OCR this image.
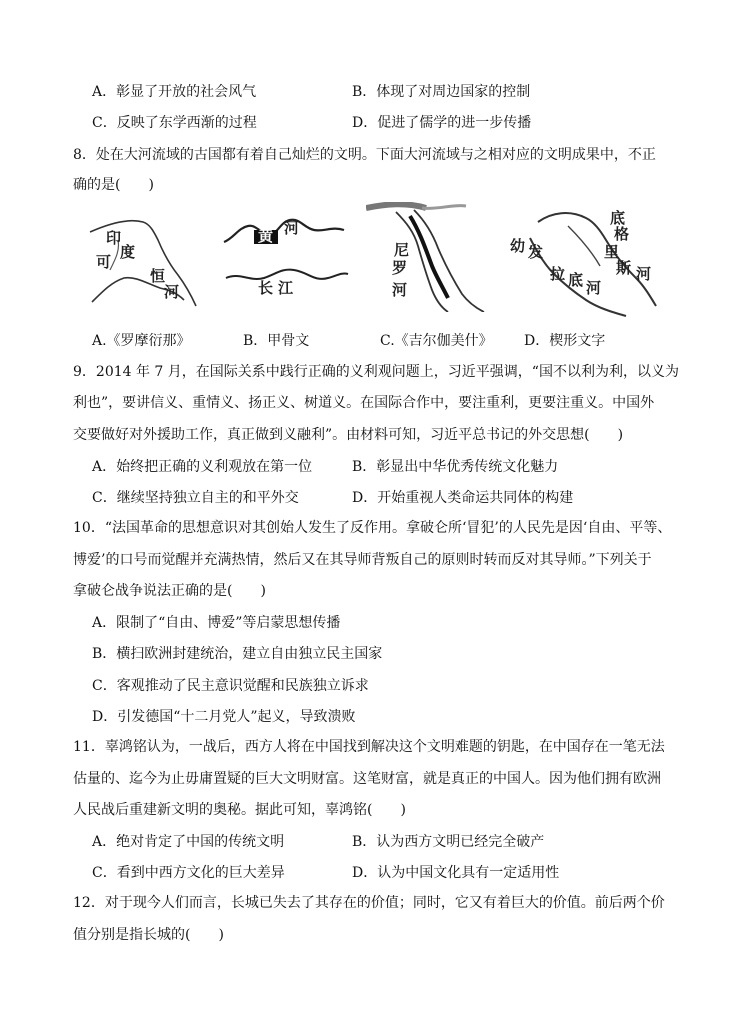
A．彰显了开放的社会风气	B．体现了对周边国家的控制
C．反映了东学西渐的过程	D．促进了儒学的进一步传播
8．处在大河流域的古国都有着自己灿烂的文明。下面大河流域与之相对应的文明成果中，不正
确的是(　　)
印
度
可
恒
河
黄 河
长 江
尼
罗
河
底
格
里
斯 河
幼 发
拉 底 河
A.《罗摩衍那》	B．甲骨文	C.《吉尔伽美什》 D．楔形文字
9．2014 年 7 月，在国际关系中践行正确的义利观问题上，习近平强调，“国不以利为利，以义为
利也”，要讲信义、重情义、扬正义、树道义。在国际合作中，要注重利，更要注重义。中国外
交要做好对外援助工作，真正做到义融利”。由材料可知，习近平总书记的外交思想(　　)
A．始终把正确的义利观放在第一位	B．彰显出中华优秀传统文化魅力
C．继续坚持独立自主的和平外交	D．开始重视人类命运共同体的构建
10．“法国革命的思想意识对其创始人发生了反作用。拿破仑所‘冒犯’的人民先是因‘自由、平等、
博爱’的口号而觉醒并充满热情，然后又在其导师背叛自己的原则时转而反对其导师。”下列关于
拿破仑战争说法正确的是(　　)
A．限制了“自由、博爱”等启蒙思想传播
B．横扫欧洲封建统治，建立自由独立民主国家
C．客观推动了民主意识觉醒和民族独立诉求
D．引发德国“十二月党人”起义，导致溃败
11．辜鸿铭认为，一战后，西方人将在中国找到解决这个文明难题的钥匙，在中国存在一笔无法
估量的、迄今为止毋庸置疑的巨大文明财富。这笔财富，就是真正的中国人。因为他们拥有欧洲
人民战后重建新文明的奥秘。据此可知，辜鸿铭(　　)
A．绝对肯定了中国的传统文明	B．认为西方文明已经完全破产
C．看到中西方文化的巨大差异	D．认为中国文化具有一定适用性
12．对于现今人们而言，长城已失去了其存在的价值；同时，它又有着巨大的价值。前后两个价
值分别是指长城的(　　)
